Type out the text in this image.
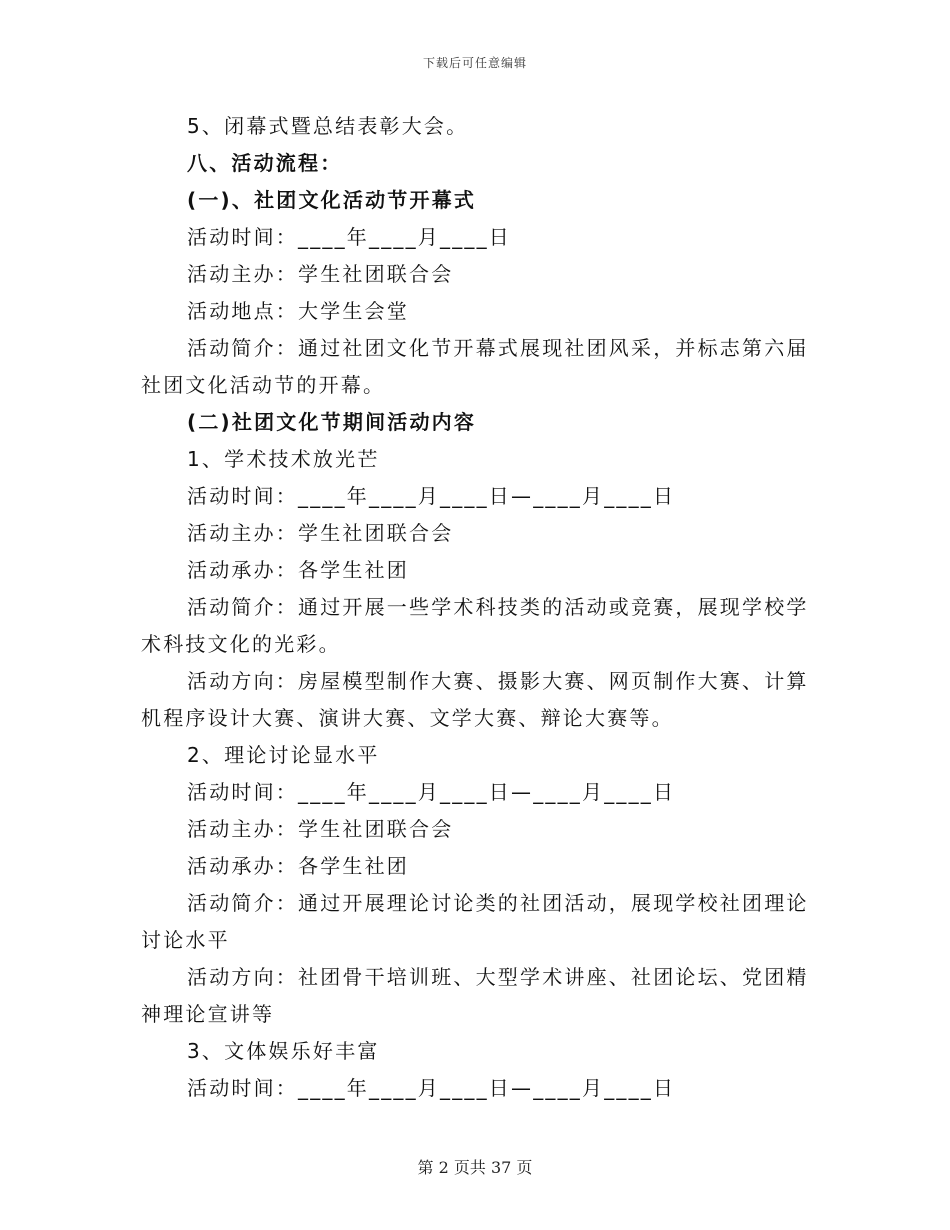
下载后可任意编辑
5、闭幕式暨总结表彰大会。
八、活动流程：
(一)、社团文化活动节开幕式
活动时间：____年____月____日
活动主办：学生社团联合会
活动地点：大学生会堂
活动简介：通过社团文化节开幕式展现社团风采，并标志第六届
社团文化活动节的开幕。
(二)社团文化节期间活动内容
1、学术技术放光芒
活动时间：____年____月____日—____月____日
活动主办：学生社团联合会
活动承办：各学生社团
活动简介：通过开展一些学术科技类的活动或竞赛，展现学校学
术科技文化的光彩。
活动方向：房屋模型制作大赛、摄影大赛、网页制作大赛、计算
机程序设计大赛、演讲大赛、文学大赛、辩论大赛等。
2、理论讨论显水平
活动时间：____年____月____日—____月____日
活动主办：学生社团联合会
活动承办：各学生社团
活动简介：通过开展理论讨论类的社团活动，展现学校社团理论
讨论水平
活动方向：社团骨干培训班、大型学术讲座、社团论坛、党团精
神理论宣讲等
3、文体娱乐好丰富
活动时间：____年____月____日—____月____日
第 2 页共 37 页
